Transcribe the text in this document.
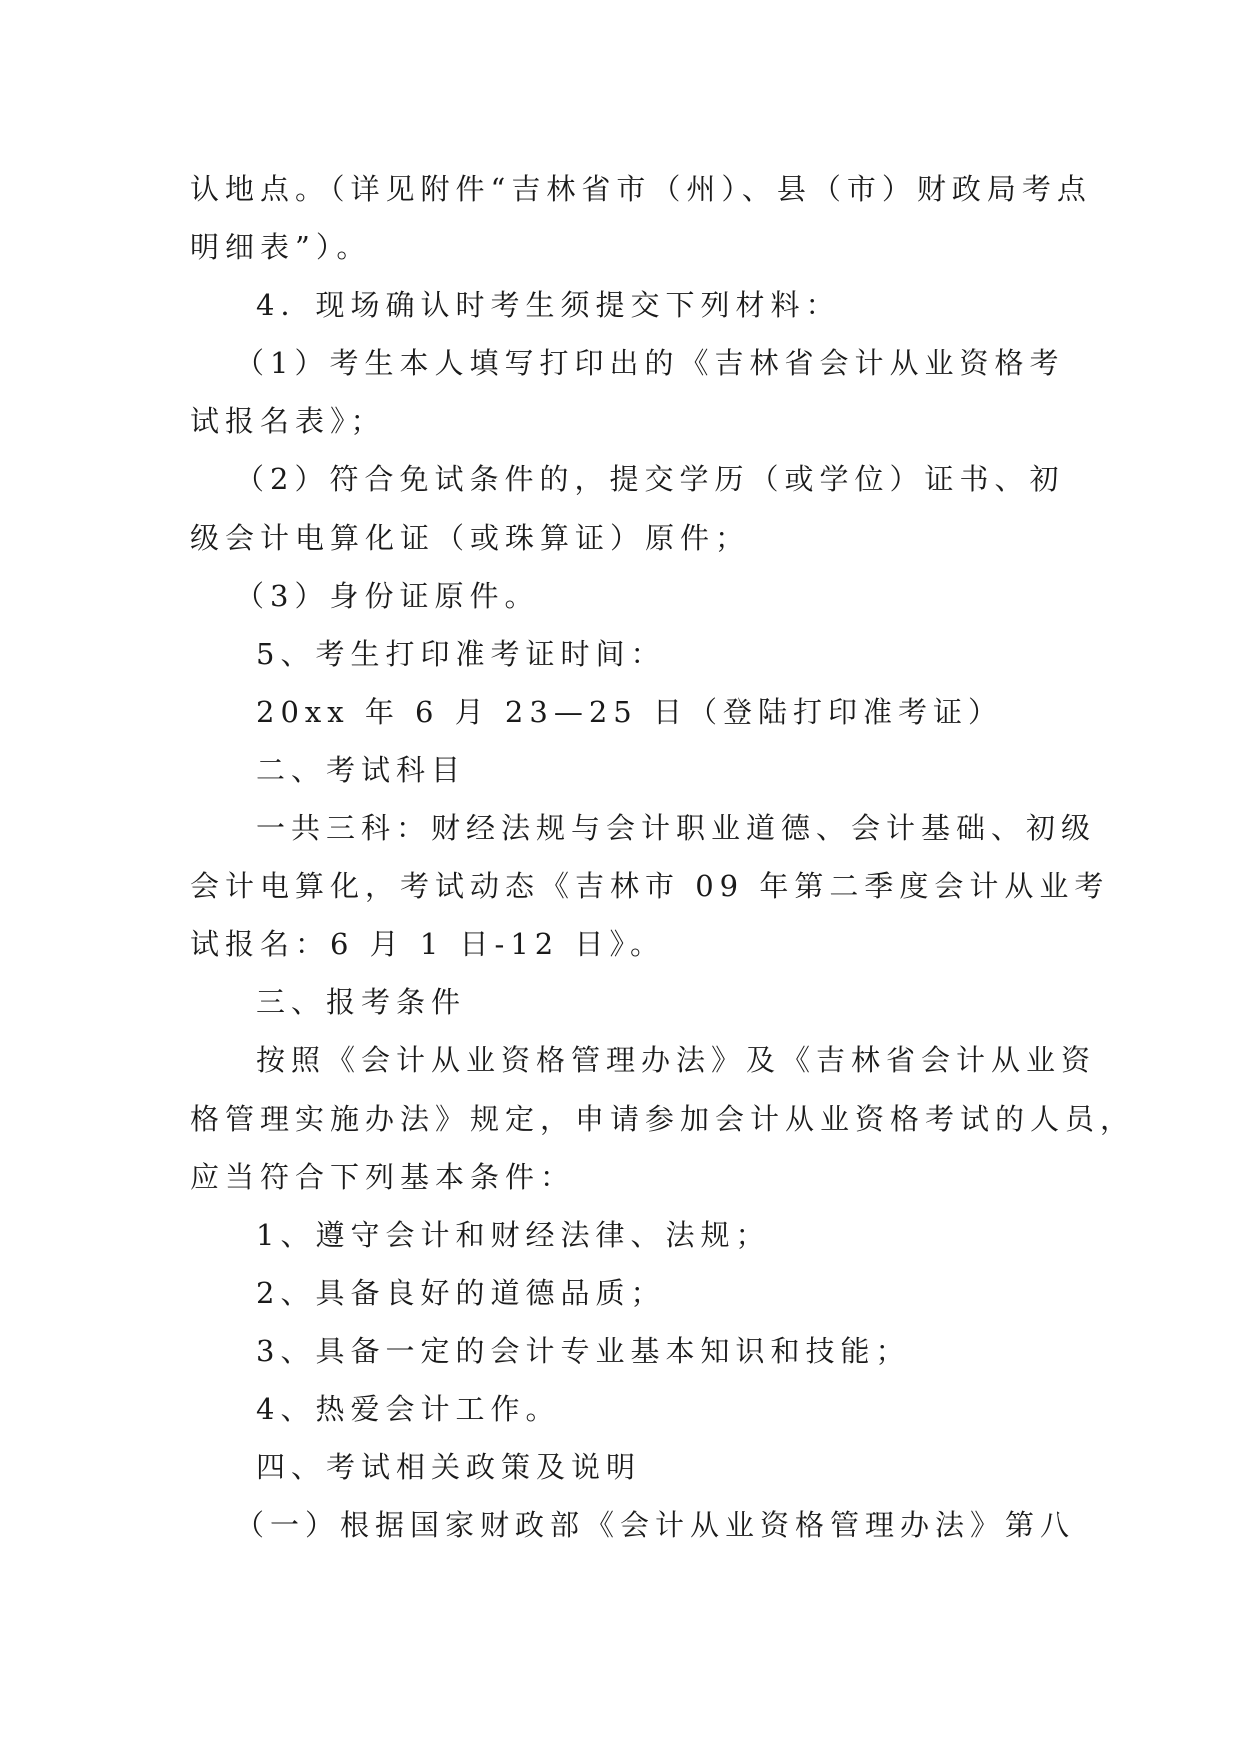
认地点。（详见附件“吉林省市（州）、县（市）财政局考点
明细表”）。
4．现场确认时考生须提交下列材料：
（1）考生本人填写打印出的《吉林省会计从业资格考
试报名表》；
（2）符合免试条件的，提交学历（或学位）证书、初
级会计电算化证（或珠算证）原件；
（3）身份证原件。
5、考生打印准考证时间：
20xx 年 6 月 23—25 日（登陆打印准考证）
二、考试科目
一共三科：财经法规与会计职业道德、会计基础、初级
会计电算化，考试动态《吉林市 09 年第二季度会计从业考
试报名：6 月 1 日-12 日》。
三、报考条件
按照《会计从业资格管理办法》及《吉林省会计从业资
格管理实施办法》规定，申请参加会计从业资格考试的人员，
应当符合下列基本条件：
1、遵守会计和财经法律、法规；
2、具备良好的道德品质；
3、具备一定的会计专业基本知识和技能；
4、热爱会计工作。
四、考试相关政策及说明
（一）根据国家财政部《会计从业资格管理办法》第八
